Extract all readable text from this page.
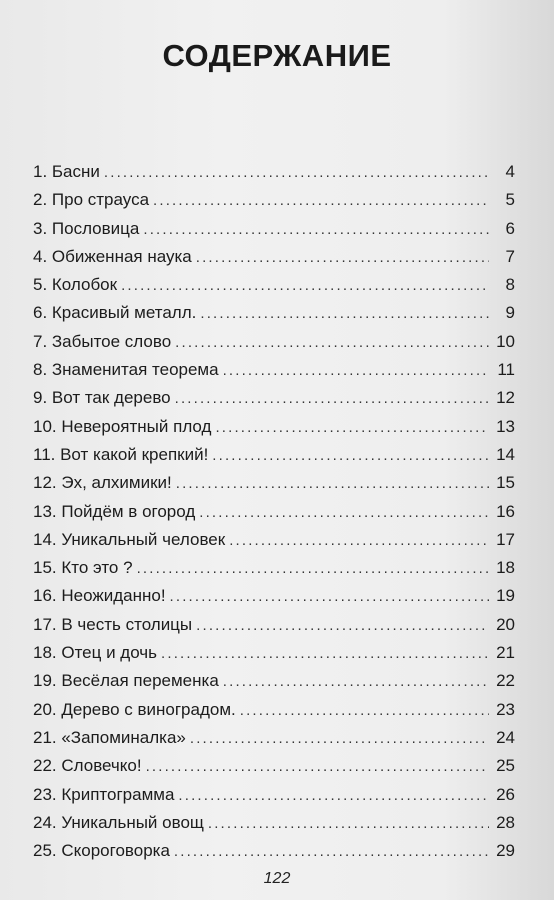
СОДЕРЖАНИЕ
1. Басни . . .	4
2. Про страуса . . .	5
3. Пословица . . .	6
4. Обиженная наука . . .	7
5. Колобок . . .	8
6. Красивый металл. . . .	9
7. Забытое слово . . .	10
8. Знаменитая теорема . . .	11
9. Вот так дерево . . .	12
10. Невероятный плод . . .	13
11. Вот какой крепкий! . . .	14
12. Эх, алхимики! . . .	15
13. Пойдём в огород . . .	16
14. Уникальный человек . . .	17
15. Кто это ? . . .	18
16. Неожиданно! . . .	19
17. В честь столицы . . .	20
18. Отец и дочь . . .	21
19. Весёлая переменка . . .	22
20. Дерево с виноградом. . . .	23
21. «Запоминалка» . . .	24
22. Словечко! . . .	25
23. Криптограмма . . .	26
24. Уникальный овощ . . .	28
25. Скороговорка . . .	29
122
